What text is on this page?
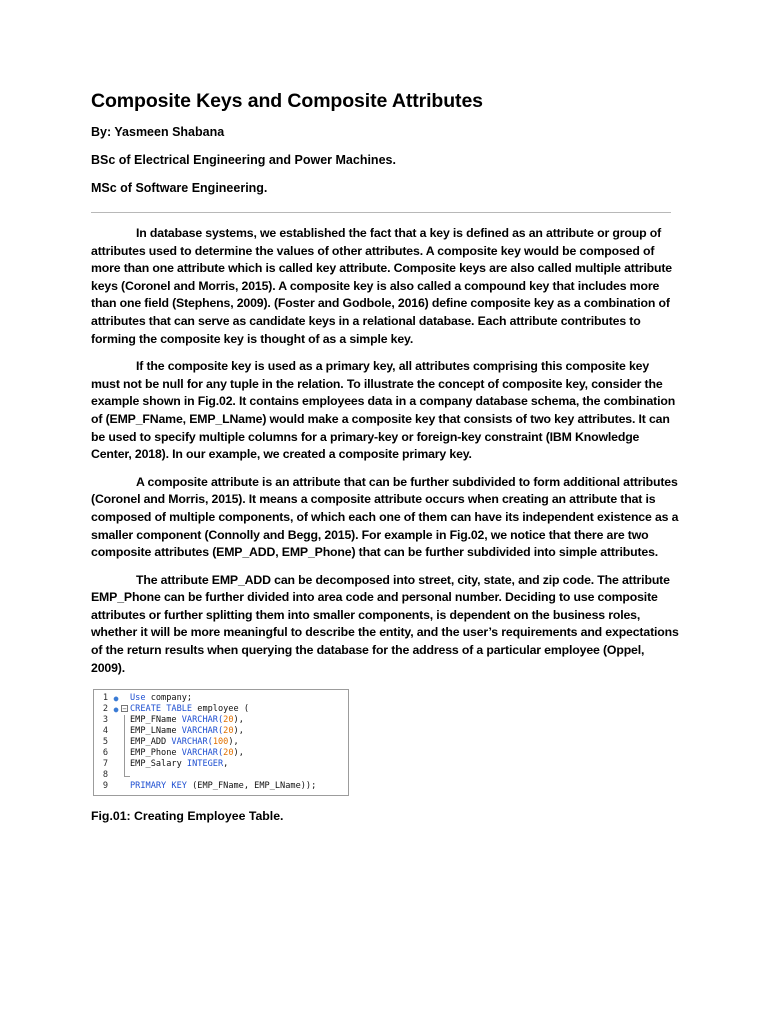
Composite Keys and Composite Attributes

By: Yasmeen Shabana

BSc of Electrical Engineering and Power Machines.

MSc of Software Engineering.

In database systems, we established the fact that a key is defined as an attribute or group of attributes used to determine the values of other attributes. A composite key would be composed of more than one attribute which is called key attribute. Composite keys are also called multiple attribute keys (Coronel and Morris, 2015). A composite key is also called a compound key that includes more than one field (Stephens, 2009). (Foster and Godbole, 2016) define composite key as a combination of attributes that can serve as candidate keys in a relational database. Each attribute contributes to forming the composite key is thought of as a simple key.

If the composite key is used as a primary key, all attributes comprising this composite key must not be null for any tuple in the relation. To illustrate the concept of composite key, consider the example shown in Fig.02. It contains employees data in a company database schema, the combination of (EMP_FName, EMP_LName) would make a composite key that consists of two key attributes. It can be used to specify multiple columns for a primary-key or foreign-key constraint (IBM Knowledge Center, 2018). In our example, we created a composite primary key.

A composite attribute is an attribute that can be further subdivided to form additional attributes (Coronel and Morris, 2015). It means a composite attribute occurs when creating an attribute that is composed of multiple components, of which each one of them can have its independent existence as a smaller component (Connolly and Begg, 2015). For example in Fig.02, we notice that there are two composite attributes (EMP_ADD, EMP_Phone) that can be further subdivided into simple attributes.

The attribute EMP_ADD can be decomposed into street, city, state, and zip code. The attribute EMP_Phone can be further divided into area code and personal number. Deciding to use composite attributes or further splitting them into smaller components, is dependent on the business roles, whether it will be more meaningful to describe the entity, and the user’s requirements and expectations of the return results when querying the database for the address of a particular employee (Oppel, 2009).

1 ● Use company;
2 ● − CREATE TABLE employee (
3	EMP_FName VARCHAR( 20 ),
4	EMP_LName VARCHAR( 20 ),
5	EMP_ADD VARCHAR( 100 ),
6	EMP_Phone VARCHAR( 20 ),
7	EMP_Salary INTEGER ,
8
9	PRIMARY KEY (EMP_FName, EMP_LName));

Fig.01: Creating Employee Table.
